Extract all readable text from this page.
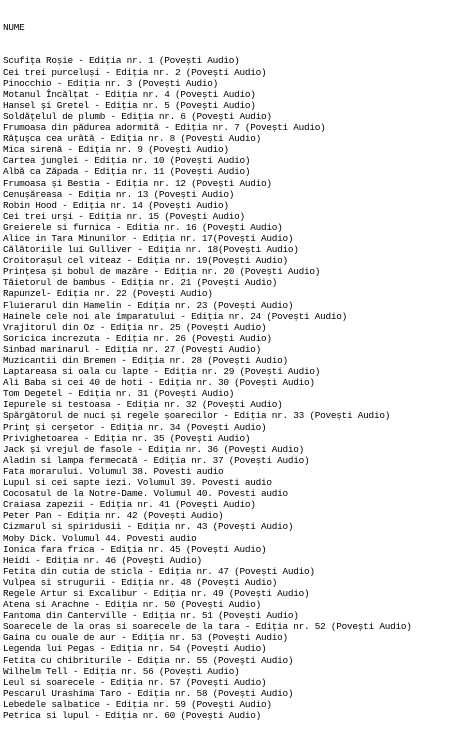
NUME

Scufița Roșie - Ediția nr. 1 (Povești Audio)
Cei trei purceluși - Ediția nr. 2 (Povești Audio)
Pinocchio - Ediția nr. 3 (Povești Audio)
Motanul Încălțat - Ediția nr. 4 (Povești Audio)
Hansel și Gretel - Ediția nr. 5 (Povești Audio)
Soldățelul de plumb - Ediția nr. 6 (Povești Audio)
Frumoasa din pădurea adormită - Ediția nr. 7 (Povești Audio)
Rățușca cea urâtă - Ediția nr. 8 (Povești Audio)
Mica sirenă - Ediția nr. 9 (Povești Audio)
Cartea junglei - Ediția nr. 10 (Povești Audio)
Albă ca Zăpada - Ediția nr. 11 (Povești Audio)
Frumoasa și Bestia - Ediția nr. 12 (Povești Audio)
Cenușăreasa - Ediția nr. 13 (Povești Audio)
Robin Hood - Ediția nr. 14 (Povești Audio)
Cei trei urși - Ediția nr. 15 (Povești Audio)
Greierele si furnica - Editia nr. 16 (Povești Audio)
Alice in Tara Minunilor - Ediția nr. 17(Povești Audio)
Călătoriile lui Gulliver - Ediția nr. 18(Povești Audio)
Croitorașul cel viteaz - Ediția nr. 19(Povești Audio)
Prințesa și bobul de mazăre - Ediția nr. 20 (Povești Audio)
Tăietorul de bambus - Ediția nr. 21 (Povești Audio)
Rapunzel- Ediția nr. 22 (Povești Audio)
Fluierarul din Hamelin - Ediția nr. 23 (Povești Audio)
Hainele cele noi ale împaratului - Ediția nr. 24 (Povești Audio)
Vrajitorul din Oz - Ediția nr. 25 (Povești Audio)
Soricica increzuta - Ediția nr. 26 (Povești Audio)
Sinbad marinarul - Ediția nr. 27 (Povești Audio)
Muzicantii din Bremen - Ediția nr. 28 (Povești Audio)
Laptareasa si oala cu lapte - Ediția nr. 29 (Povești Audio)
Ali Baba si cei 40 de hoti - Ediția nr. 30 (Povești Audio)
Tom Degetel - Ediția nr. 31 (Povești Audio)
Iepurele si testoasa - Ediția nr. 32 (Povești Audio)
Spărgătorul de nuci și regele șoarecilor - Ediția nr. 33 (Povești Audio)
Prinț și cerșetor - Ediția nr. 34 (Povești Audio)
Privighetoarea - Ediția nr. 35 (Povești Audio)
Jack și vrejul de fasole - Ediția nr. 36 (Povești Audio)
Aladin si lampa fermecată - Ediția nr. 37 (Povești Audio)
Fata morarului. Volumul 38. Povesti audio
Lupul si cei sapte iezi. Volumul 39. Povesti audio
Cocosatul de la Notre-Dame. Volumul 40. Povesti audio
Craiasa zapezii - Ediția nr. 41 (Povești Audio)
Peter Pan - Ediția nr. 42 (Povești Audio)
Cizmarul si spiridusii - Ediția nr. 43 (Povești Audio)
Moby Dick. Volumul 44. Povesti audio
Ionica fara frica - Ediția nr. 45 (Povești Audio)
Heidi - Ediția nr. 46 (Povești Audio)
Fetita din cutia de sticla - Ediția nr. 47 (Povești Audio)
Vulpea si strugurii - Ediția nr. 48 (Povești Audio)
Regele Artur si Excalibur - Ediția nr. 49 (Povești Audio)
Atena si Arachne - Ediția nr. 50 (Povești Audio)
Fantoma din Canterville - Ediția nr. 51 (Povești Audio)
Soarecele de la oras si soarecele de la tara - Ediția nr. 52 (Povești Audio)
Gaina cu ouale de aur - Ediția nr. 53 (Povești Audio)
Legenda lui Pegas - Ediția nr. 54 (Povești Audio)
Fetita cu chibriturile - Ediția nr. 55 (Povești Audio)
Wilhelm Tell - Ediția nr. 56 (Povești Audio)
Leul si soarecele - Ediția nr. 57 (Povești Audio)
Pescarul Urashima Taro - Ediția nr. 58 (Povești Audio)
Lebedele salbatice - Ediția nr. 59 (Povești Audio)
Petrica si lupul - Ediția nr. 60 (Povești Audio)
